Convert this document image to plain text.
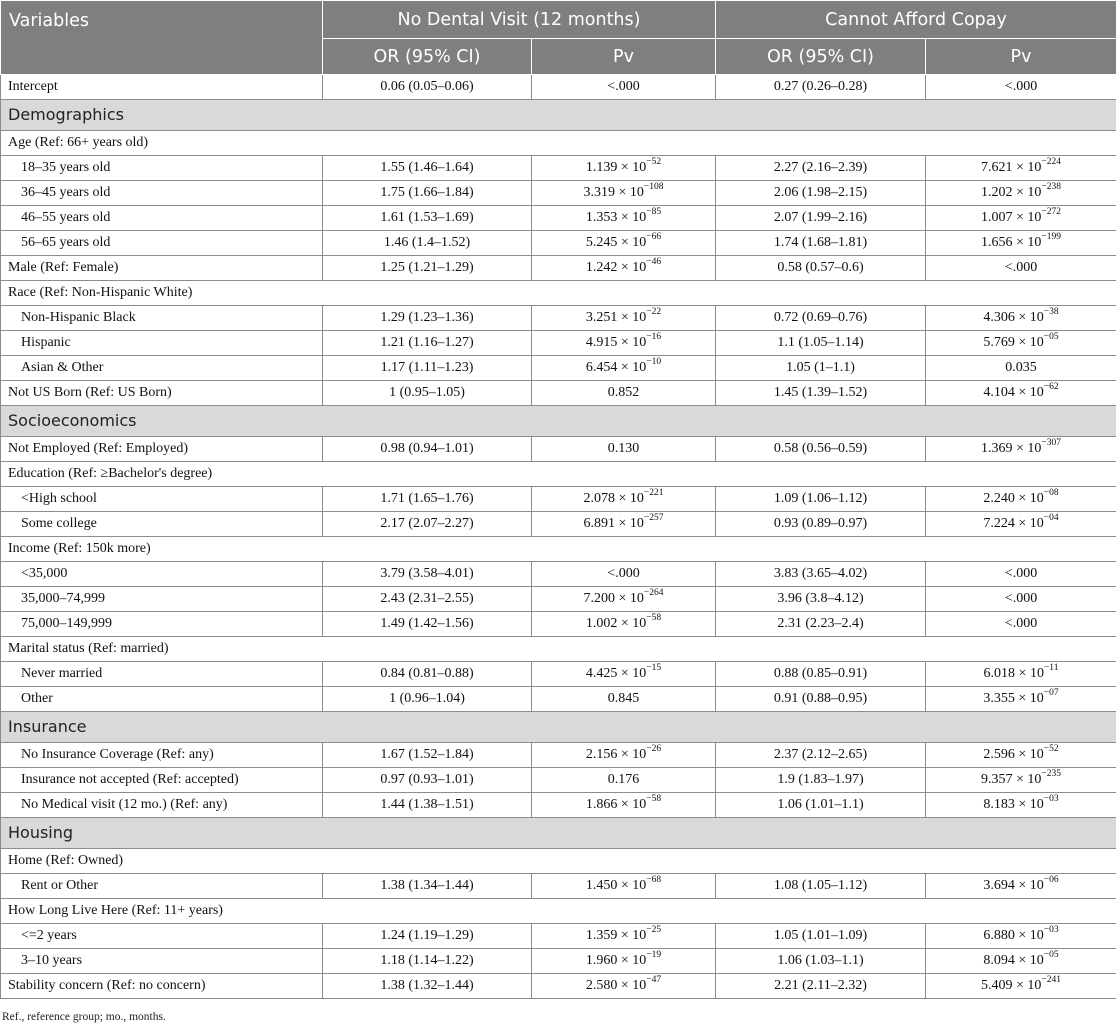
Variables	No Dental Visit (12 months)		Cannot Afford Copay	
	OR (95% CI)	Pv	OR (95% CI)	Pv
Intercept	0.06 (0.05–0.06)	<.000	0.27 (0.26–0.28)	<.000
Demographics				
Age (Ref: 66+ years old)				
18–35 years old	1.55 (1.46–1.64)	$1.139 \times 10^{-52}$	2.27 (2.16–2.39)	$7.621 \times 10^{-224}$
36–45 years old	1.75 (1.66–1.84)	$3.319 \times 10^{-108}$	2.06 (1.98–2.15)	$1.202 \times 10^{-238}$
46–55 years old	1.61 (1.53–1.69)	$1.353 \times 10^{-85}$	2.07 (1.99–2.16)	$1.007 \times 10^{-272}$
56–65 years old	1.46 (1.4–1.52)	$5.245 \times 10^{-66}$	1.74 (1.68–1.81)	$1.656 \times 10^{-199}$
Male (Ref: Female)	1.25 (1.21–1.29)	$1.242 \times 10^{-46}$	0.58 (0.57–0.6)	<.000
Race (Ref: Non-Hispanic White)				
Non-Hispanic Black	1.29 (1.23–1.36)	$3.251 \times 10^{-22}$	0.72 (0.69–0.76)	$4.306 \times 10^{-38}$
Hispanic	1.21 (1.16–1.27)	$4.915 \times 10^{-16}$	1.1 (1.05–1.14)	$5.769 \times 10^{-05}$
Asian & Other	1.17 (1.11–1.23)	$6.454 \times 10^{-10}$	1.05 (1–1.1)	0.035
Not US Born (Ref: US Born)	1 (0.95–1.05)	0.852	1.45 (1.39–1.52)	$4.104 \times 10^{-62}$
Socioeconomics				
Not Employed (Ref: Employed)	0.98 (0.94–1.01)	0.130	0.58 (0.56–0.59)	$1.369 \times 10^{-307}$
Education (Ref: ≥Bachelor's degree)				
<High school	1.71 (1.65–1.76)	$2.078 \times 10^{-221}$	1.09 (1.06–1.12)	$2.240 \times 10^{-08}$
Some college	2.17 (2.07–2.27)	$6.891 \times 10^{-257}$	0.93 (0.89–0.97)	$7.224 \times 10^{-04}$
Income (Ref: 150k more)				
<35,000	3.79 (3.58–4.01)	<.000	3.83 (3.65–4.02)	<.000
35,000–74,999	2.43 (2.31–2.55)	$7.200 \times 10^{-264}$	3.96 (3.8–4.12)	<.000
75,000–149,999	1.49 (1.42–1.56)	$1.002 \times 10^{-58}$	2.31 (2.23–2.4)	<.000
Marital status (Ref: married)				
Never married	0.84 (0.81–0.88)	$4.425 \times 10^{-15}$	0.88 (0.85–0.91)	$6.018 \times 10^{-11}$
Other	1 (0.96–1.04)	0.845	0.91 (0.88–0.95)	$3.355 \times 10^{-07}$
Insurance				
No Insurance Coverage (Ref: any)	1.67 (1.52–1.84)	$2.156 \times 10^{-26}$	2.37 (2.12–2.65)	$2.596 \times 10^{-52}$
Insurance not accepted (Ref: accepted)	0.97 (0.93–1.01)	0.176	1.9 (1.83–1.97)	$9.357 \times 10^{-235}$
No Medical visit (12 mo.) (Ref: any)	1.44 (1.38–1.51)	$1.866 \times 10^{-58}$	1.06 (1.01–1.1)	$8.183 \times 10^{-03}$
Housing				
Home (Ref: Owned)				
Rent or Other	1.38 (1.34–1.44)	$1.450 \times 10^{-68}$	1.08 (1.05–1.12)	$3.694 \times 10^{-06}$
How Long Live Here (Ref: 11+ years)				
<=2 years	1.24 (1.19–1.29)	$1.359 \times 10^{-25}$	1.05 (1.01–1.09)	$6.880 \times 10^{-03}$
3–10 years	1.18 (1.14–1.22)	$1.960 \times 10^{-19}$	1.06 (1.03–1.1)	$8.094 \times 10^{-05}$
Stability concern (Ref: no concern)	1.38 (1.32–1.44)	$2.580 \times 10^{-47}$	2.21 (2.11–2.32)	$5.409 \times 10^{-241}$
Ref., reference group; mo., months.
